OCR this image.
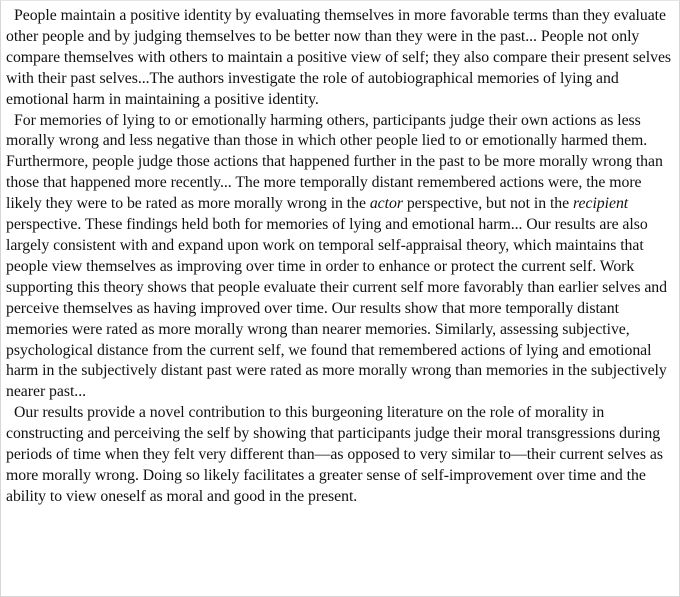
People maintain a positive identity by evaluating themselves in more favorable terms than they evaluate other people and by judging themselves to be better now than they were in the past... People not only compare themselves with others to maintain a positive view of self; they also compare their present selves with their past selves...The authors investigate the role of autobiographical memories of lying and emotional harm in maintaining a positive identity.

For memories of lying to or emotionally harming others, participants judge their own actions as less morally wrong and less negative than those in which other people lied to or emotionally harmed them. Furthermore, people judge those actions that happened further in the past to be more morally wrong than those that happened more recently... The more temporally distant remembered actions were, the more likely they were to be rated as more morally wrong in the actor perspective, but not in the recipient perspective. These findings held both for memories of lying and emotional harm... Our results are also largely consistent with and expand upon work on temporal self-appraisal theory, which maintains that people view themselves as improving over time in order to enhance or protect the current self. Work supporting this theory shows that people evaluate their current self more favorably than earlier selves and perceive themselves as having improved over time. Our results show that more temporally distant memories were rated as more morally wrong than nearer memories. Similarly, assessing subjective, psychological distance from the current self, we found that remembered actions of lying and emotional harm in the subjectively distant past were rated as more morally wrong than memories in the subjectively nearer past...

Our results provide a novel contribution to this burgeoning literature on the role of morality in constructing and perceiving the self by showing that participants judge their moral transgressions during periods of time when they felt very different than—as opposed to very similar to—their current selves as more morally wrong. Doing so likely facilitates a greater sense of self-improvement over time and the ability to view oneself as moral and good in the present.
